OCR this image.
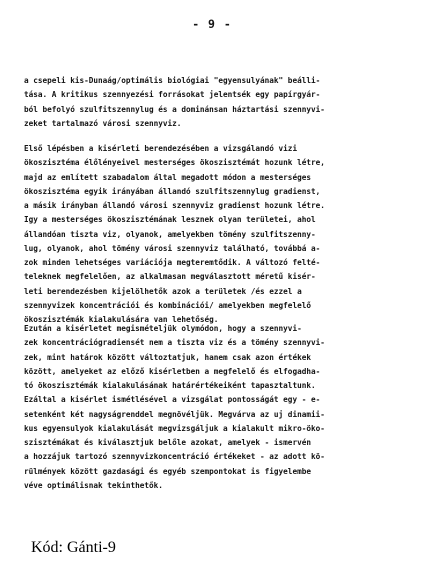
- 9 -
a csepeli kis-Dunaág/optimális biológiai "egyensulyának" beálli-
tása. A kritikus szennyezési forrásokat jelentsék egy papírgyár-
ból befolyó szulfitszennylug és a dominánsan háztartási szennyvi-
zeket tartalmazó városi szennyviz.
Első lépésben a kisérleti berendezésében a vizsgálandó vizi
ökoszisztéma élőlényeivel mesterséges ökoszisztémát hozunk létre,
majd az említett szabadalom által megadott módon a mesterséges
ökoszisztéma egyik irányában állandó szulfitszennylug gradienst,
a másik irányban állandó városi szennyviz gradienst hozunk létre.
Igy a mesterséges ökoszisztémának lesznek olyan területei, ahol
állandóan tiszta viz, olyanok, amelyekben tömény szulfitszenny-
lug, olyanok, ahol tömény városi szennyviz található, továbbá a-
zok minden lehetséges variációja megteremtődik. A változó felté-
teleknek megfelelően, az alkalmasan megválasztott méretű kisér-
leti berendezésben kijelölhetők azok a területek /és ezzel a
szennyvizek koncentrációi és kombinációi/ amelyekben megfelelő
ökoszisztémák kialakulására van lehetőség.
Ezután a kisérletet megismételjük olymódon, hogy a szennyvi-
zek koncentrációgradiensét nem a tiszta viz és a tömény szennyvi-
zek, mint határok között változtatjuk, hanem csak azon értékek
között, amelyeket az előző kisérletben a megfelelő és elfogadha-
tó ökoszisztémák kialakulásának határértékeiként tapasztaltunk.
Ezáltal a kisérlet ismétlésével a vizsgálat pontosságát egy - e-
setenként két nagyságrenddel megnövéljük. Megvárva az uj dinamii-
kus egyensulyok kialakulását megvizsgáljuk a kialakult mikro-öko-
szisztémákat és kiválasztjuk belőle azokat, amelyek - ismervén
a hozzájuk tartozó szennyvizkoncentráció értékeket - az adott kö-
rülmények között gazdasági és egyéb szempontokat is figyelembe
véve optimálisnak tekinthetők.
Kód: Gánti-9
